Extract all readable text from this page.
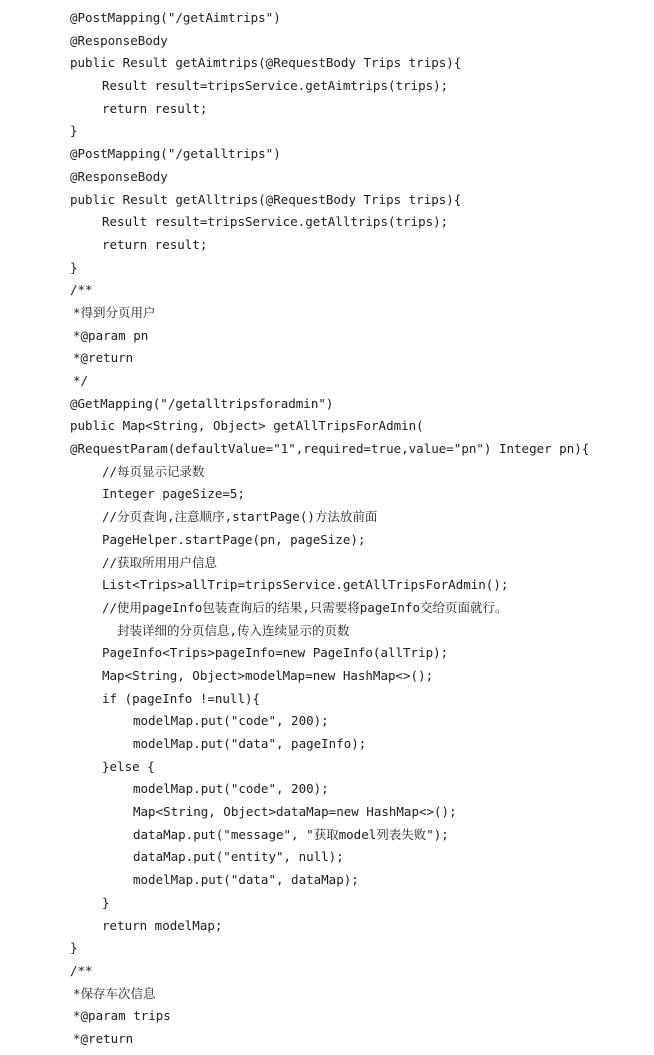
@PostMapping("/getAimtrips")
@ResponseBody
public Result getAimtrips(@RequestBody Trips trips){
Result result=tripsService.getAimtrips(trips);
return result;
}
@PostMapping("/getalltrips")
@ResponseBody
public Result getAlltrips(@RequestBody Trips trips){
Result result=tripsService.getAlltrips(trips);
return result;
}
/**
*得到分页用户
*@param pn
*@return
*/
@GetMapping("/getalltripsforadmin")
public Map<String, Object> getAllTripsForAdmin(
@RequestParam(defaultValue="1",required=true,value="pn") Integer pn){
//每页显示记录数
Integer pageSize=5;
//分页查询,注意顺序,startPage()方法放前面
PageHelper.startPage(pn, pageSize);
//获取所用用户信息
List<Trips>allTrip=tripsService.getAllTripsForAdmin();
//使用pageInfo包装查询后的结果,只需要将pageInfo交给页面就行。
封装详细的分页信息,传入连续显示的页数
PageInfo<Trips>pageInfo=new PageInfo(allTrip);
Map<String, Object>modelMap=new HashMap<>();
if (pageInfo !=null){
modelMap.put("code", 200);
modelMap.put("data", pageInfo);
}else {
modelMap.put("code", 200);
Map<String, Object>dataMap=new HashMap<>();
dataMap.put("message", "获取model列表失败");
dataMap.put("entity", null);
modelMap.put("data", dataMap);
}
return modelMap;
}
/**
*保存车次信息
*@param trips
*@return
